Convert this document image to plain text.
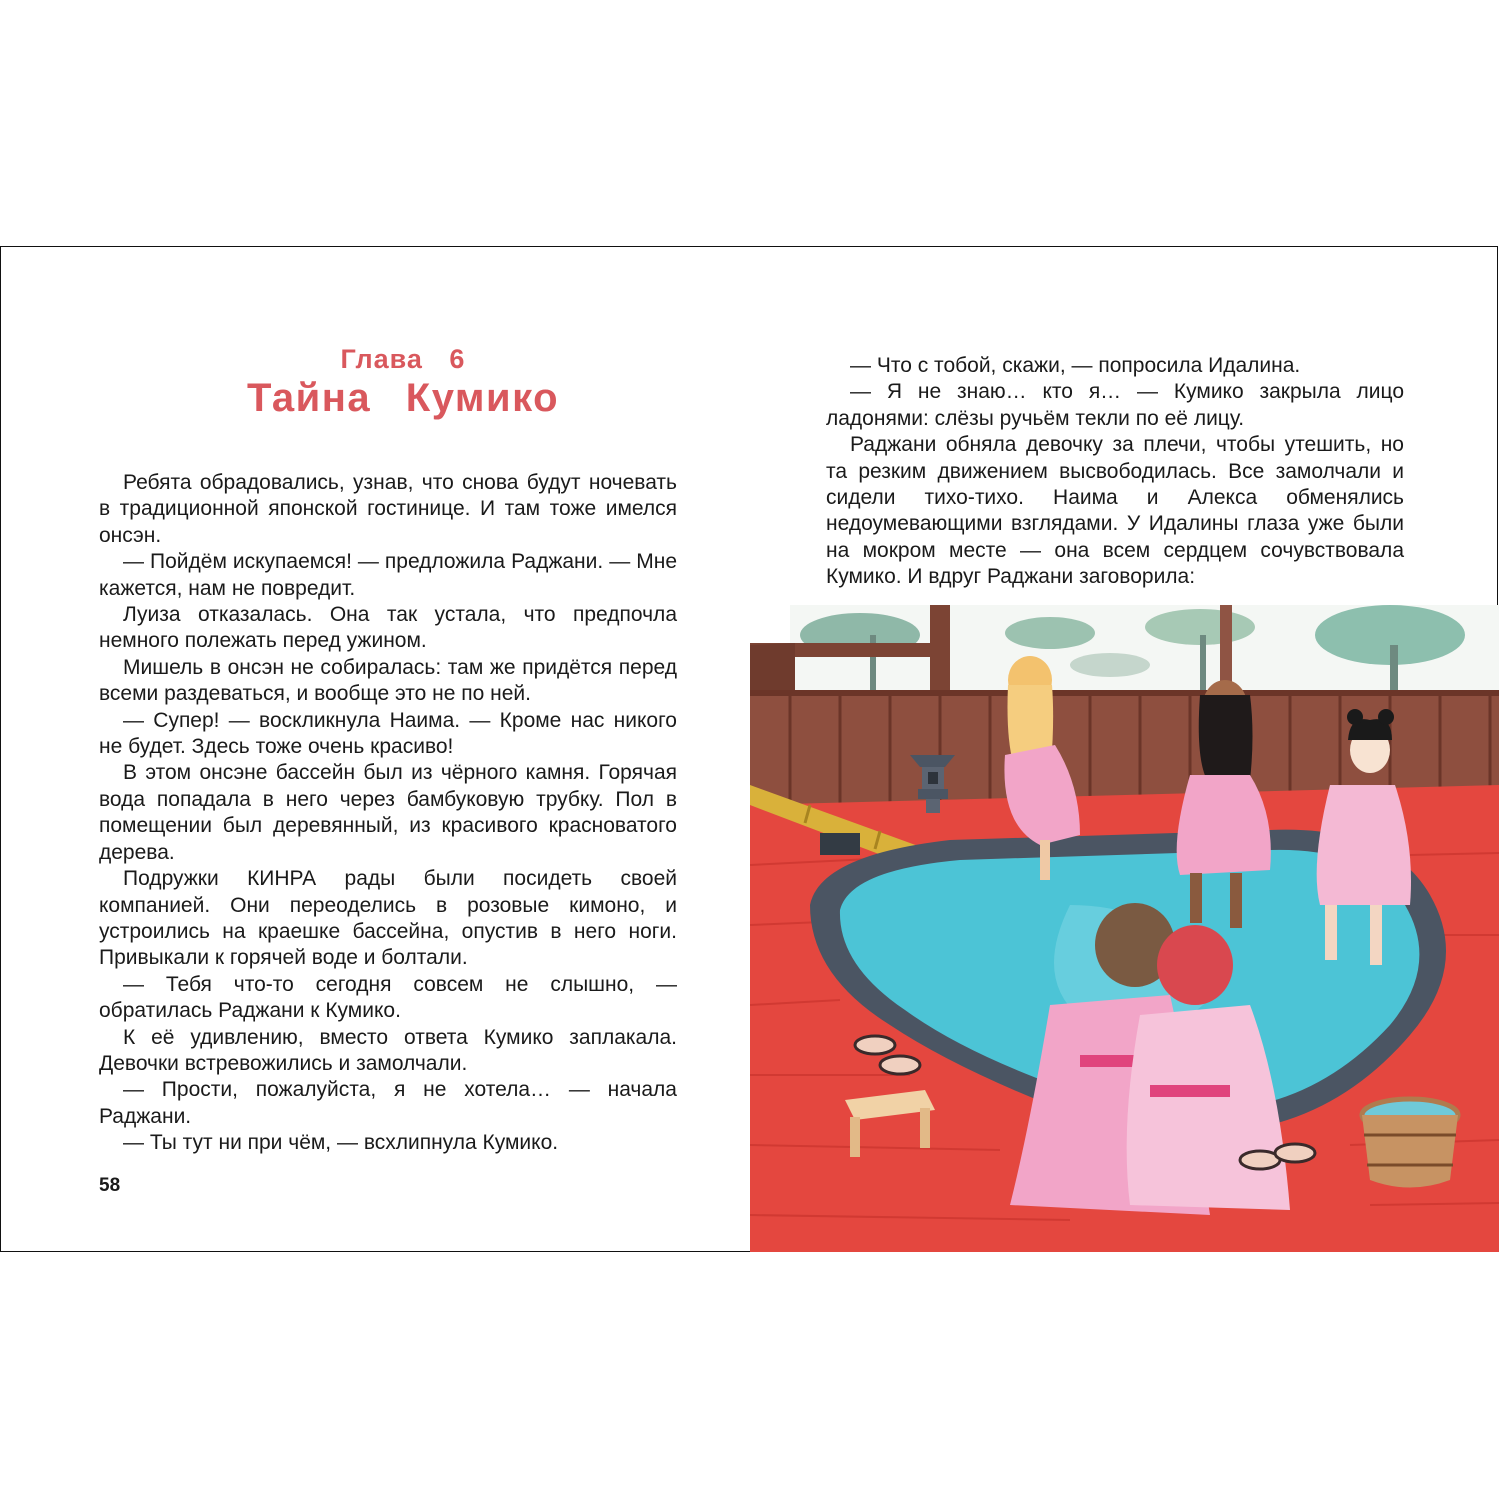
Глава 6
Тайна Кумико

Ребята обрадовались, узнав, что снова будут ночевать в традиционной японской гостинице. И там тоже имелся онсэн.

— Пойдём искупаемся! — предложила Раджани. — Мне кажется, нам не повредит.

Луиза отказалась. Она так устала, что предпочла немного полежать перед ужином.

Мишель в онсэн не собиралась: там же придётся перед всеми раздеваться, и вообще это не по ней.

— Супер! — воскликнула Наима. — Кроме нас никого не будет. Здесь тоже очень красиво!

В этом онсэне бассейн был из чёрного камня. Горячая вода попадала в него через бамбуковую трубку. Пол в помещении был деревянный, из красивого красноватого дерева.

Подружки КИНРА рады были посидеть своей компанией. Они переоделись в розовые кимоно, и устроились на краешке бассейна, опустив в него ноги. Привыкали к горячей воде и болтали.

— Тебя что-то сегодня совсем не слышно, — обратилась Раджани к Кумико.

К её удивлению, вместо ответа Кумико заплакала. Девочки встревожились и замолчали.

— Прости, пожалуйста, я не хотела… — начала Раджани.

— Ты тут ни при чём, — всхлипнула Кумико.

58

— Что с тобой, скажи, — попросила Идалина.

— Я не знаю… кто я… — Кумико закрыла лицо ладонями: слёзы ручьём текли по её лицу.

Раджани обняла девочку за плечи, чтобы утешить, но та резким движением высвободилась. Все замолчали и сидели тихо-тихо. Наима и Алекса обменялись недоумевающими взглядами. У Идалины глаза уже были на мокром месте — она всем сердцем сочувствовала Кумико. И вдруг Раджани заговорила:
